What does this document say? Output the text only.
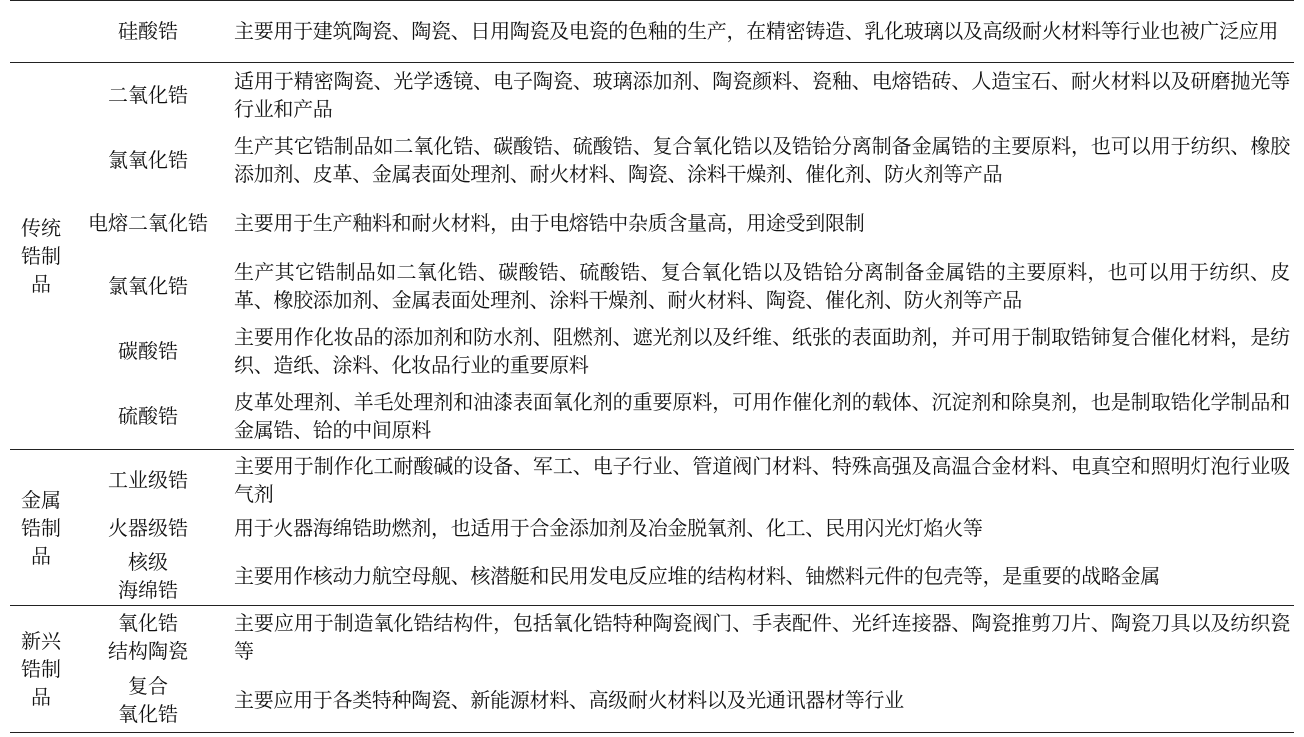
硅酸锆	主要用于建筑陶瓷、陶瓷、日用陶瓷及电瓷的色釉的生产，在精密铸造、乳化玻璃以及高级耐火材料等行业也被广泛应用
传统锆制品
二氧化锆
适用于精密陶瓷、光学透镜、电子陶瓷、玻璃添加剂、陶瓷颜料、瓷釉、电熔锆砖、人造宝石、耐火材料以及研磨抛光等行业和产品
氯氧化锆
生产其它锆制品如二氧化锆、碳酸锆、硫酸锆、复合氧化锆以及锆铪分离制备金属锆的主要原料，也可以用于纺织、橡胶添加剂、皮革、金属表面处理剂、耐火材料、陶瓷、涂料干燥剂、催化剂、防火剂等产品
电熔二氧化锆 主要用于生产釉料和耐火材料，由于电熔锆中杂质含量高，用途受到限制
氯氧化锆
生产其它锆制品如二氧化锆、碳酸锆、硫酸锆、复合氧化锆以及锆铪分离制备金属锆的主要原料，也可以用于纺织、皮革、橡胶添加剂、金属表面处理剂、涂料干燥剂、耐火材料、陶瓷、催化剂、防火剂等产品
碳酸锆
主要用作化妆品的添加剂和防水剂、阻燃剂、遮光剂以及纤维、纸张的表面助剂，并可用于制取锆铈复合催化材料，是纺织、造纸、涂料、化妆品行业的重要原料
硫酸锆
皮革处理剂、羊毛处理剂和油漆表面氧化剂的重要原料，可用作催化剂的载体、沉淀剂和除臭剂，也是制取锆化学制品和金属锆、铪的中间原料
金属锆制品
工业级锆
主要用于制作化工耐酸碱的设备、军工、电子行业、管道阀门材料、特殊高强及高温合金材料、电真空和照明灯泡行业吸气剂
火器级锆 用于火器海绵锆助燃剂，也适用于合金添加剂及冶金脱氧剂、化工、民用闪光灯焰火等
核级
海绵锆
主要用作核动力航空母舰、核潜艇和民用发电反应堆的结构材料、铀燃料元件的包壳等，是重要的战略金属
新兴锆制品
氧化锆
结构陶瓷
主要应用于制造氧化锆结构件，包括氧化锆特种陶瓷阀门、手表配件、光纤连接器、陶瓷推剪刀片、陶瓷刀具以及纺织瓷等
复合
氧化锆
主要应用于各类特种陶瓷、新能源材料、高级耐火材料以及光通讯器材等行业
